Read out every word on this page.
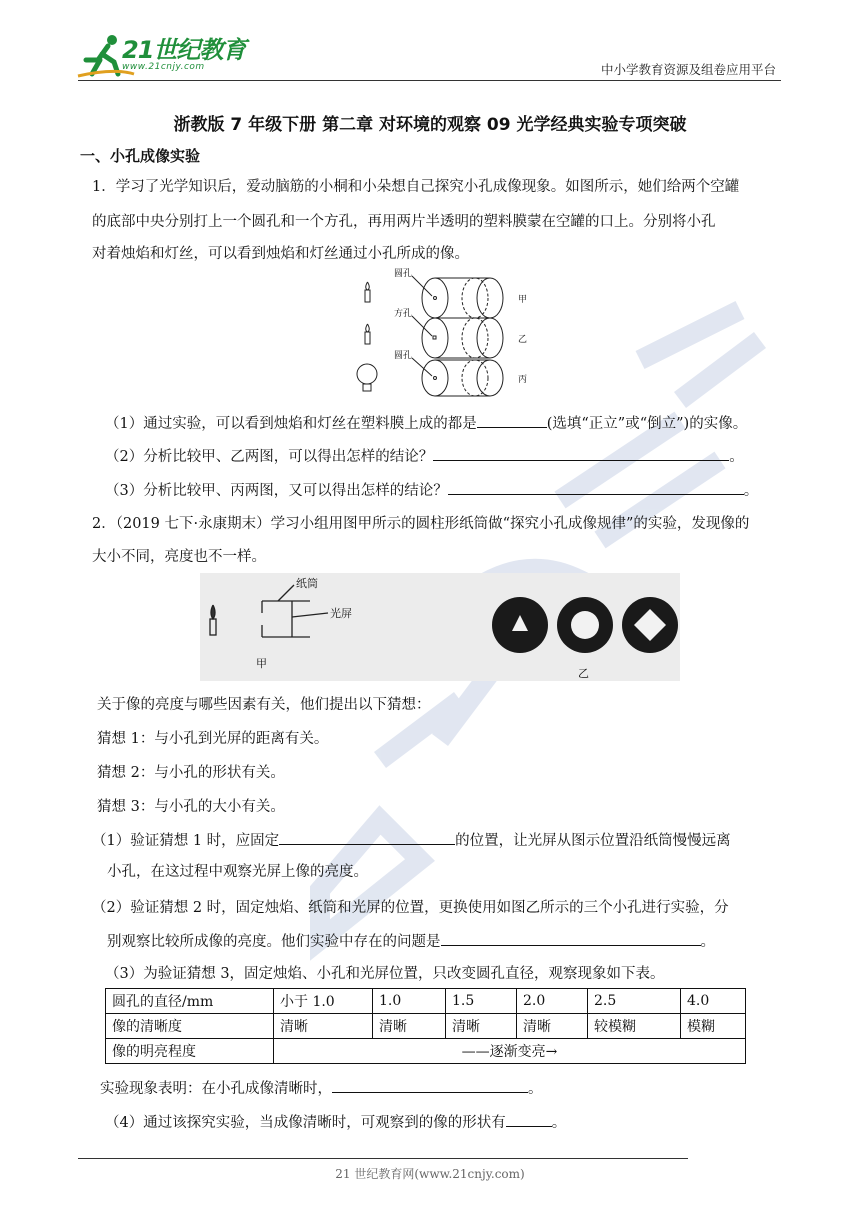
21世纪教育
www.21cnjy.com	中小学教育资源及组卷应用平台
浙教版 7 年级下册 第二章 对环境的观察 09 光学经典实验专项突破
一、小孔成像实验
1．学习了光学知识后，爱动脑筋的小桐和小朵想自己探究小孔成像现象。如图所示，她们给两个空罐
的底部中央分别打上一个圆孔和一个方孔，再用两片半透明的塑料膜蒙在空罐的口上。分别将小孔
对着烛焰和灯丝，可以看到烛焰和灯丝通过小孔所成的像。
圆孔
方孔
圆孔
甲
乙
丙
（1）通过实验，可以看到烛焰和灯丝在塑料膜上成的都是	(选填“正立”或“倒立”)的实像。
（2）分析比较甲、乙两图，可以得出怎样的结论？	。
（3）分析比较甲、丙两图，又可以得出怎样的结论？	。
2．（2019 七下·永康期末）学习小组用图甲所示的圆柱形纸筒做“探究小孔成像规律”的实验，发现像的
大小不同，亮度也不一样。
纸筒
光屏
甲
乙
关于像的亮度与哪些因素有关，他们提出以下猜想：
猜想 1：与小孔到光屏的距离有关。
猜想 2：与小孔的形状有关。
猜想 3：与小孔的大小有关。
（1）验证猜想 1 时，应固定	的位置，让光屏从图示位置沿纸筒慢慢远离
小孔，在这过程中观察光屏上像的亮度。
（2）验证猜想 2 时，固定烛焰、纸筒和光屏的位置，更换使用如图乙所示的三个小孔进行实验，分
别观察比较所成像的亮度。他们实验中存在的问题是	。
（3）为验证猜想 3，固定烛焰、小孔和光屏位置，只改变圆孔直径，观察现象如下表。
圆孔的直径/mm	小于 1.0	1.0	1.5	2.0	2.5	4.0
像的清晰度	清晰	清晰	清晰	清晰	较模糊	模糊
像的明亮程度	——逐渐变亮→					
实验现象表明：在小孔成像清晰时，	。
（4）通过该探究实验，当成像清晰时，可观察到的像的形状有	。
21 世纪教育网(www.21cnjy.com)
